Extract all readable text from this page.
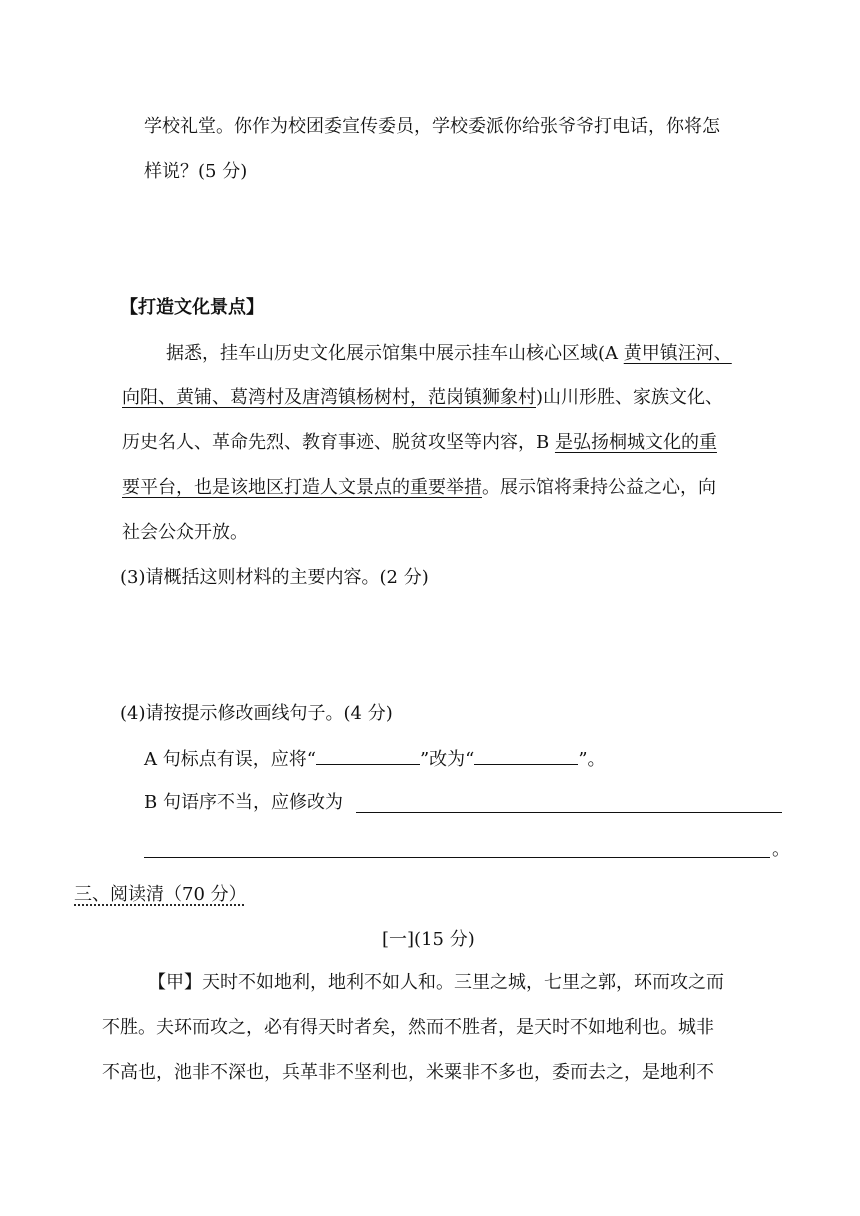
学校礼堂。你作为校团委宣传委员，学校委派你给张爷爷打电话，你将怎
样说？(5 分)
【打造文化景点】
据悉，挂车山历史文化展示馆集中展示挂车山核心区域(A 黄甲镇汪河、
向阳、黄铺、葛湾村及唐湾镇杨树村，范岗镇狮象村)山川形胜、家族文化、
历史名人、革命先烈、教育事迹、脱贫攻坚等内容，B 是弘扬桐城文化的重
要平台，也是该地区打造人文景点的重要举措。展示馆将秉持公益之心，向
社会公众开放。
(3)请概括这则材料的主要内容。(2 分)
(4)请按提示修改画线句子。(4 分)
A 句标点有误，应将“	”改为“	”。
B 句语序不当，应修改为
。
三、阅读清（70 分）
[一](15 分)
【甲】天时不如地利，地利不如人和。三里之城，七里之郭，环而攻之而
不胜。夫环而攻之，必有得天时者矣，然而不胜者，是天时不如地利也。城非
不高也，池非不深也，兵革非不坚利也，米粟非不多也，委而去之，是地利不
